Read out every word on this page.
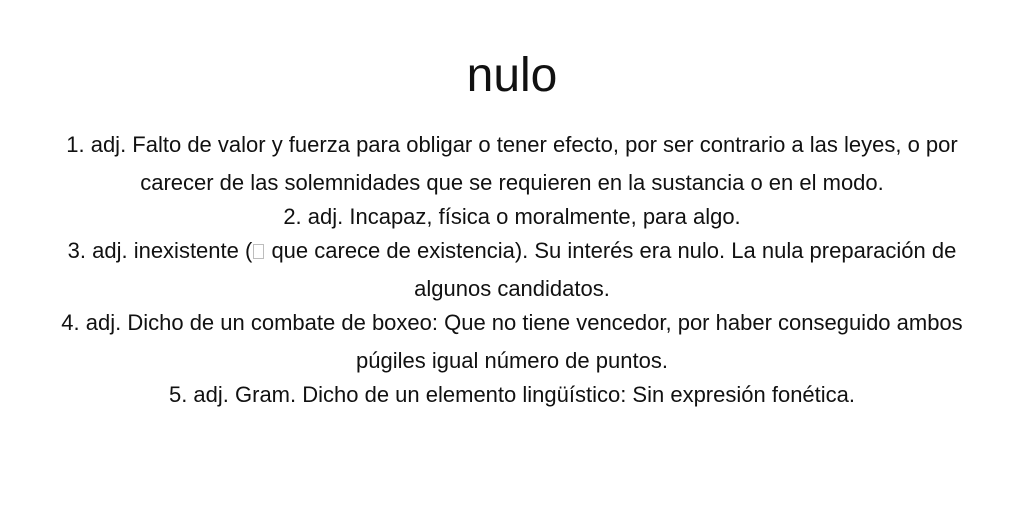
nulo
1. adj. Falto de valor y fuerza para obligar o tener efecto, por ser contrario a las leyes, o por carecer de las solemnidades que se requieren en la sustancia o en el modo.
2. adj. Incapaz, física o moralmente, para algo.
3. adj. inexistente ( que carece de existencia). Su interés era nulo. La nula preparación de algunos candidatos.
4. adj. Dicho de un combate de boxeo: Que no tiene vencedor, por haber conseguido ambos púgiles igual número de puntos.
5. adj. Gram. Dicho de un elemento lingüístico: Sin expresión fonética.
